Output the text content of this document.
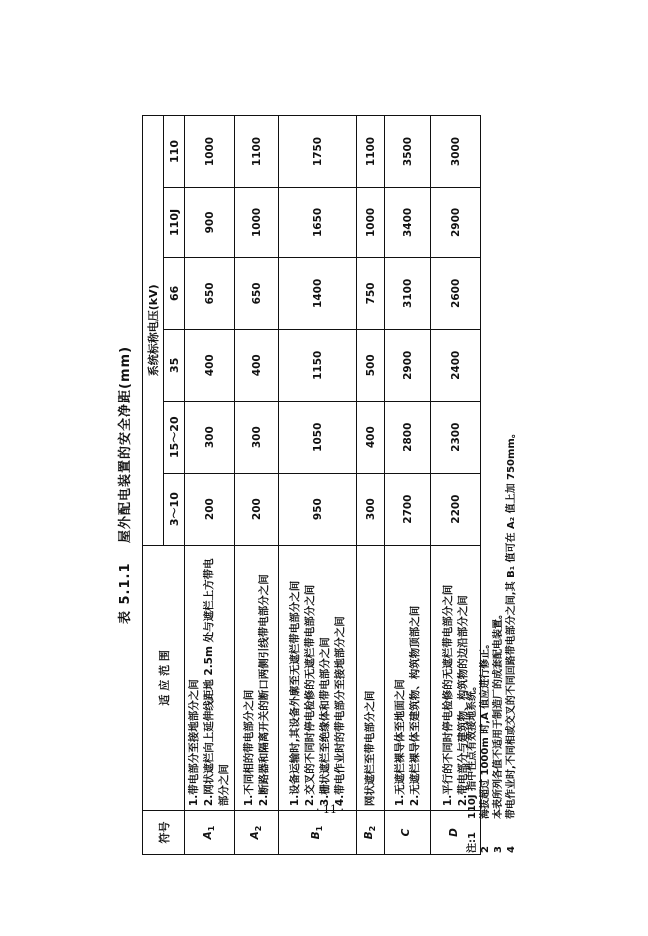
表 5.1.1 屋外配电装置的安全净距(mm)
符号	适 应 范 围	系统标称电压(kV)					
		3～10	15～20	35	66	110J	110
$A_1$	1.带电部分至接地部分之间 2.网状遮栏向上延伸线距地 2.5m 处与遮栏上方带电部分之间	200	300	400	650	900	1000
$A_2$	1.不同相的带电部分之间 2.断路器和隔离开关的断口两侧引线带电部分之间	200	300	400	650	1000	1100
$B_1$	1.设备运输时,其设备外廓至无遮栏带电部分之间 2.交叉的不同时停电检修的无遮栏带电部分之间 3.栅状遮栏至绝缘体和带电部分之间 4.带电作业时的带电部分至接地部分之间	950	1050	1150	1400	1650	1750
$B_2$	网状遮栏至带电部分之间	300	400	500	750	1000	1100
C	1.无遮栏裸导体至地面之间 2.无遮栏裸导体至建筑物、构筑物顶部之间	2700	2800	2900	3100	3400	3500
D	1.平行的不同时停电检修的无遮栏带电部分之间 2.带电部分与建筑物、构筑物的边沿部分之间	2200	2300	2400	2600	2900	3000
注:1
110J 指中性点有效接地系统。
2
海拔超过 1000m 时,A 值应进行修正。
3
本表所列各值不适用于制造厂的成套配电装置。
4
带电作业时,不同相或交叉的不同回路带电部分之间,其 B₁ 值可在 A₂ 值上加 750mm。
· 11 ·
